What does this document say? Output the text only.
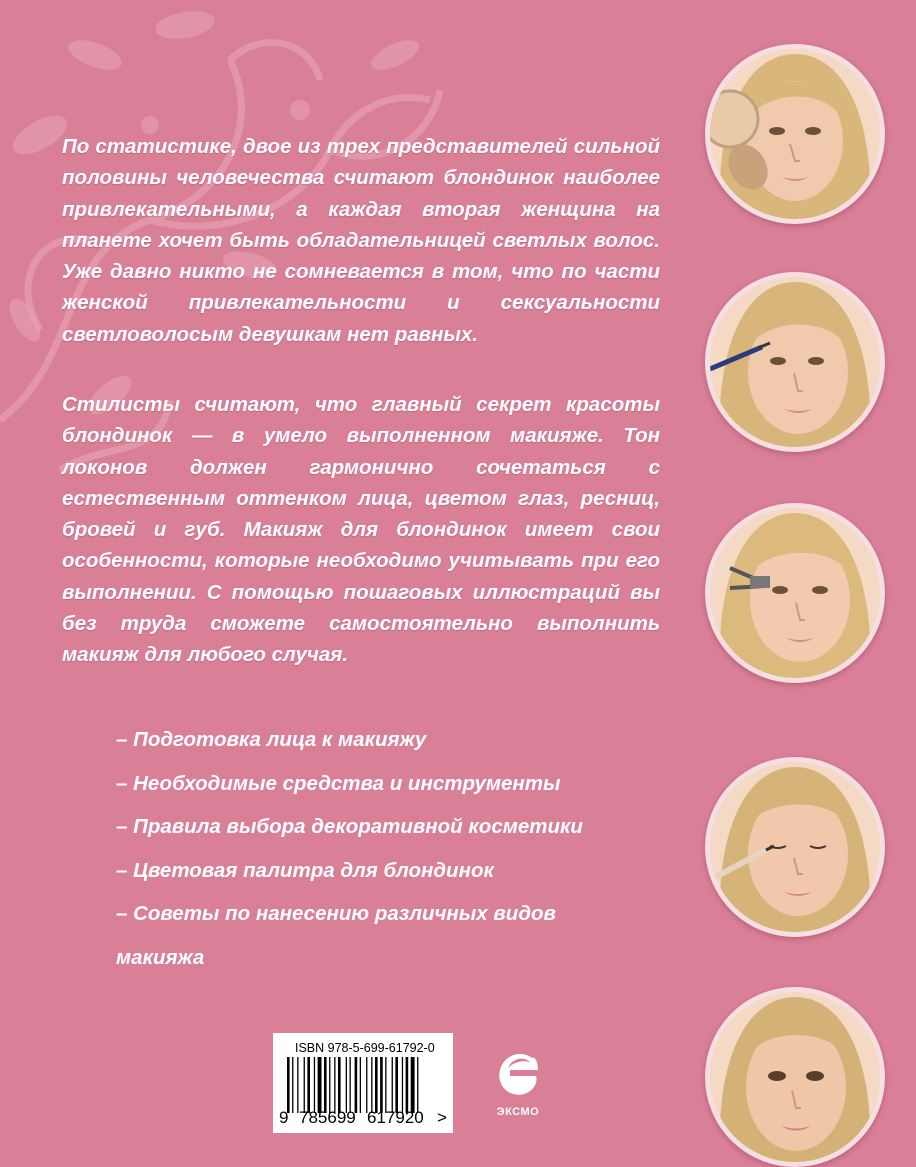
По статистике, двое из трех представителей сильной половины человечества считают блондинок наиболее привлекательными, а каждая вторая женщина на планете хочет быть обладательницей светлых волос. Уже давно никто не сомневается в том, что по части женской привлекательности и сексуальности светловолосым девушкам нет равных.
Стилисты считают, что главный секрет красоты блондинок — в умело выполненном макияже. Тон локонов должен гармонично сочетаться с естественным оттенком лица, цветом глаз, ресниц, бровей и губ. Макияж для блондинок имеет свои особенности, которые необходимо учитывать при его выполнении. С помощью пошаговых иллюстраций вы без труда сможете самостоятельно выполнить макияж для любого случая.
– Подготовка лица к макияжу
– Необходимые средства и инструменты
– Правила выбора декоративной косметики
– Цветовая палитра для блондинок
– Советы по нанесению различных видов
макияжа
ISBN 978-5-699-61792-0
9 785699 617920 >	ЭКСМО
